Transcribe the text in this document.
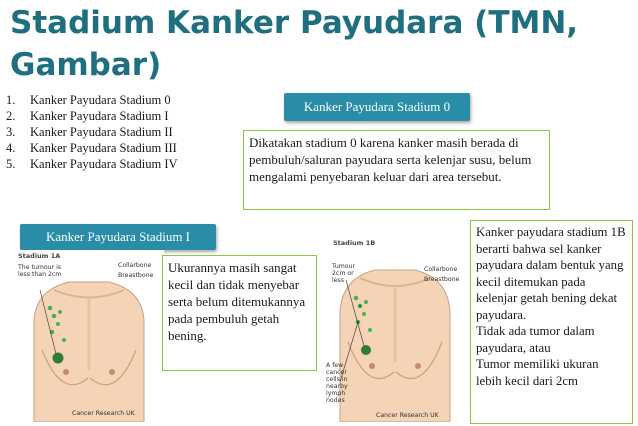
Stadium Kanker Payudara (TMN, Gambar)
1. Kanker Payudara Stadium 0
2. Kanker Payudara Stadium I
3. Kanker Payudara Stadium II
4. Kanker Payudara Stadium III
5. Kanker Payudara Stadium IV
Kanker Payudara Stadium 0
Dikatakan stadium 0 karena kanker masih berada di pembuluh/saluran payudara serta kelenjar susu, belum mengalami penyebaran keluar dari area tersebut.
Kanker Payudara Stadium I
Stadium 1A
The tumour is less than 2cm
Collarbone
Breastbone
Cancer Research UK
Ukurannya masih sangat kecil dan tidak menyebar serta belum ditemukannya pada pembuluh getah bening.
Stadium 1B
Tumour 2cm or less
Collarbone
Breastbone
A few cancer cells in nearby lymph nodes
Cancer Research UK
Kanker payudara stadium 1B berarti bahwa sel kanker payudara dalam bentuk yang kecil ditemukan pada kelenjar getah bening dekat payudara.
Tidak ada tumor dalam payudara, atau
Tumor memiliki ukuran lebih kecil dari 2cm
